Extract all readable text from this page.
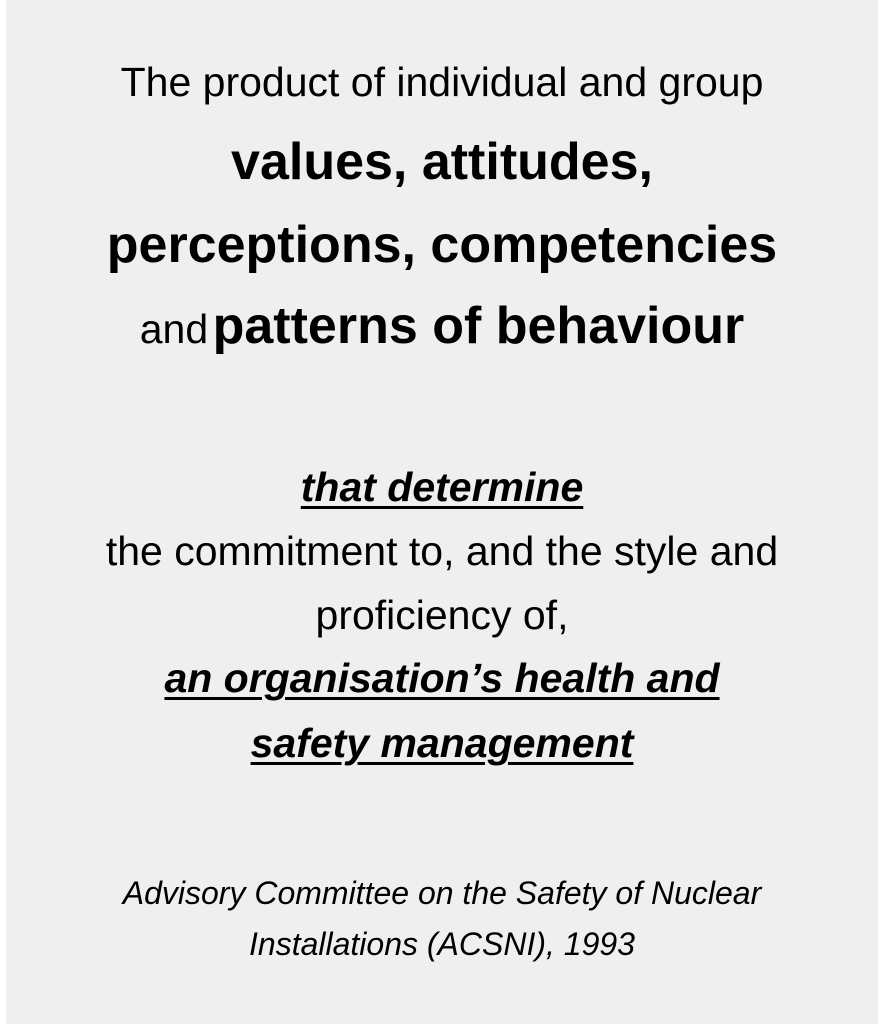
The product of individual and group
values, attitudes,
perceptions, competencies
and patterns of behaviour
that determine
the commitment to, and the style and
proficiency of,
an organisation’s health and
safety management
Advisory Committee on the Safety of Nuclear
Installations (ACSNI), 1993
